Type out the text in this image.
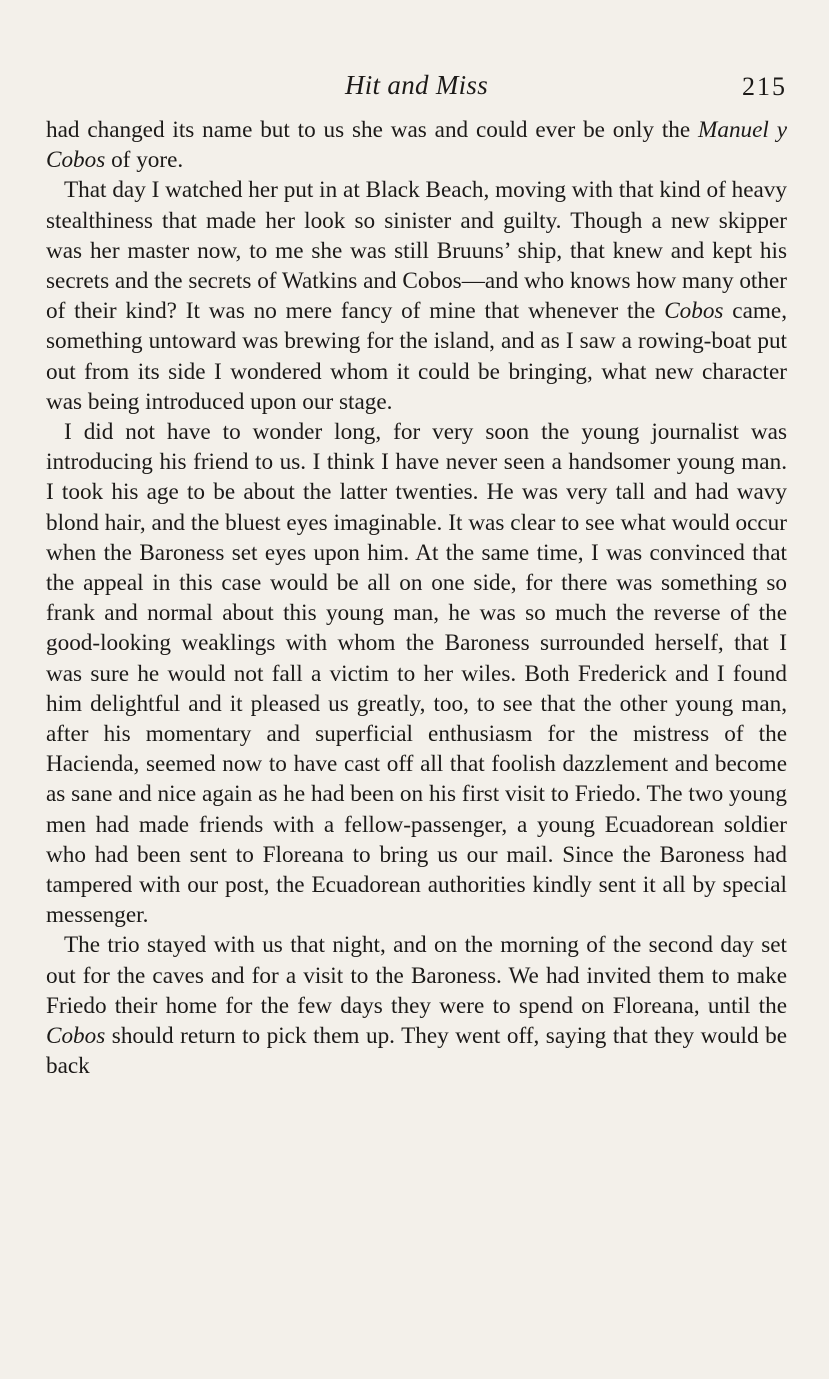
Hit and Miss	215

had changed its name but to us she was and could ever be only the Manuel y Cobos of yore.

That day I watched her put in at Black Beach, moving with that kind of heavy stealthiness that made her look so sinister and guilty. Though a new skipper was her master now, to me she was still Bruuns’ ship, that knew and kept his secrets and the secrets of Watkins and Cobos—and who knows how many other of their kind? It was no mere fancy of mine that whenever the Cobos came, something untoward was brewing for the island, and as I saw a rowing-boat put out from its side I wondered whom it could be bringing, what new character was being introduced upon our stage.

I did not have to wonder long, for very soon the young journalist was introducing his friend to us. I think I have never seen a handsomer young man. I took his age to be about the latter twenties. He was very tall and had wavy blond hair, and the bluest eyes imaginable. It was clear to see what would occur when the Baroness set eyes upon him. At the same time, I was convinced that the appeal in this case would be all on one side, for there was something so frank and normal about this young man, he was so much the reverse of the good-looking weaklings with whom the Baroness surrounded herself, that I was sure he would not fall a victim to her wiles. Both Frederick and I found him delightful and it pleased us greatly, too, to see that the other young man, after his momentary and superficial enthusiasm for the mistress of the Hacienda, seemed now to have cast off all that foolish dazzlement and become as sane and nice again as he had been on his first visit to Friedo. The two young men had made friends with a fellow-passenger, a young Ecuadorean soldier who had been sent to Floreana to bring us our mail. Since the Baroness had tampered with our post, the Ecuadorean authorities kindly sent it all by special messenger.

The trio stayed with us that night, and on the morning of the second day set out for the caves and for a visit to the Baroness. We had invited them to make Friedo their home for the few days they were to spend on Floreana, until the Cobos should return to pick them up. They went off, saying that they would be back
